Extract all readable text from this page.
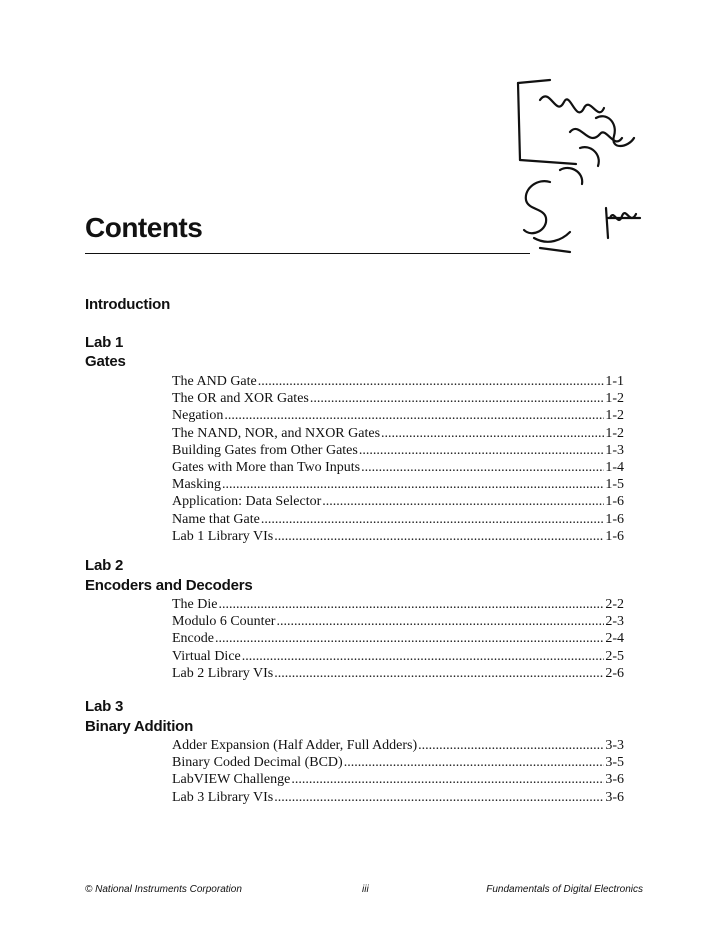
Contents
Introduction
Lab 1
Gates
The AND Gate .....	1-1
The OR and XOR Gates .....	1-2
Negation .....	1-2
The NAND, NOR, and NXOR Gates .....	1-2
Building Gates from Other Gates .....	1-3
Gates with More than Two Inputs .....	1-4
Masking .....	1-5
Application: Data Selector .....	1-6
Name that Gate .....	1-6
Lab 1 Library VIs .....	1-6
Lab 2
Encoders and Decoders
The Die .....	2-2
Modulo 6 Counter .....	2-3
Encode .....	2-4
Virtual Dice .....	2-5
Lab 2 Library VIs .....	2-6
Lab 3
Binary Addition
Adder Expansion (Half Adder, Full Adders) .....	3-3
Binary Coded Decimal (BCD) .....	3-5
LabVIEW Challenge .....	3-6
Lab 3 Library VIs .....	3-6
© National Instruments Corporation	iii	Fundamentals of Digital Electronics
